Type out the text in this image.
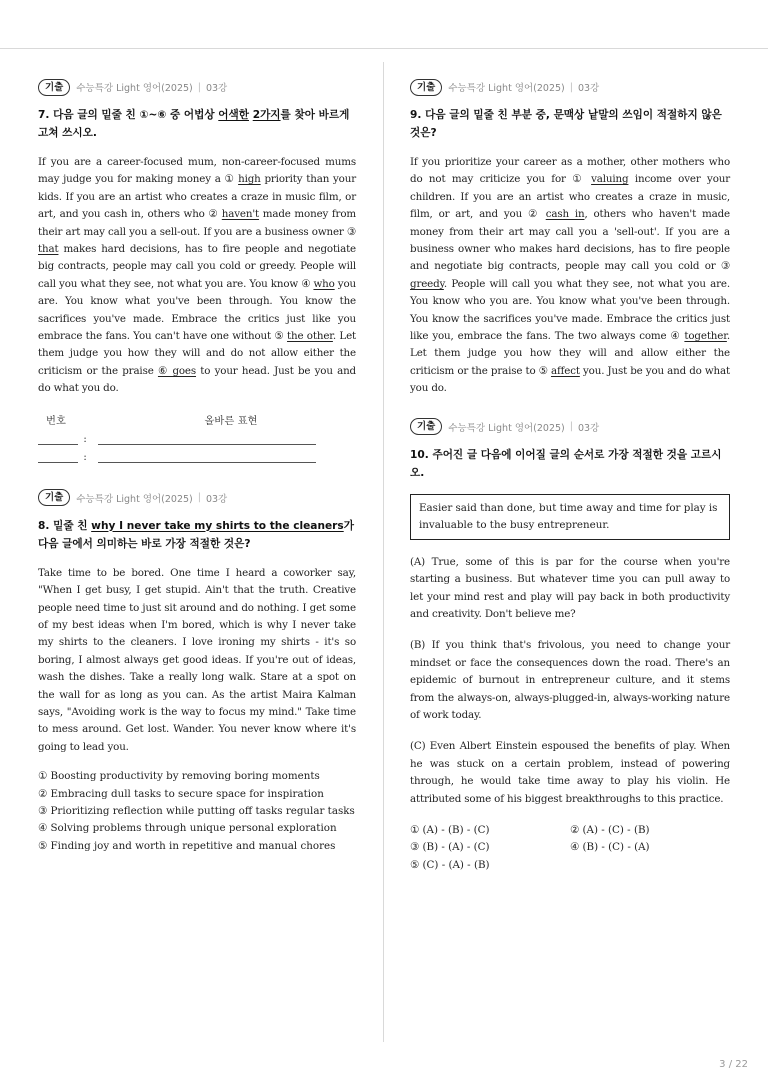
기출	수능특강 Light 영어(2025) | 03강
7. 다음 글의 밑줄 친 ①~⑥ 중 어법상 어색한 2가지를 찾아 바르게 고쳐 쓰시오.

If you are a career-focused mum, non-career-focused mums may judge you for making money a ① high priority than your kids. If you are an artist who creates a craze in music film, or art, and you cash in, others who ② haven't made money from their art may call you a sell-out. If you are a business owner ③ that makes hard decisions, has to fire people and negotiate big contracts, people may call you cold or greedy. People will call you what they see, not what you are. You know ④ who you are. You know what you've been through. You know the sacrifices you've made. Embrace the critics just like you embrace the fans. You can't have one without ⑤ the other. Let them judge you how they will and do not allow either the criticism or the praise ⑥ goes to your head. Just be you and do what you do.

번호	올바른 표현
:
:
기출	수능특강 Light 영어(2025) | 03강
8. 밑줄 친 why I never take my shirts to the cleaners가 다음 글에서 의미하는 바로 가장 적절한 것은?

Take time to be bored. One time I heard a coworker say, "When I get busy, I get stupid. Ain't that the truth. Creative people need time to just sit around and do nothing. I get some of my best ideas when I'm bored, which is why I never take my shirts to the cleaners. I love ironing my shirts - it's so boring, I almost always get good ideas. If you're out of ideas, wash the dishes. Take a really long walk. Stare at a spot on the wall for as long as you can. As the artist Maira Kalman says, "Avoiding work is the way to focus my mind." Take time to mess around. Get lost. Wander. You never know where it's going to lead you.

① Boosting productivity by removing boring moments

② Embracing dull tasks to secure space for inspiration

③ Prioritizing reflection while putting off tasks regular tasks

④ Solving problems through unique personal exploration

⑤ Finding joy and worth in repetitive and manual chores

기출	수능특강 Light 영어(2025) | 03강
9. 다음 글의 밑줄 친 부분 중, 문맥상 낱말의 쓰임이 적절하지 않은 것은?

If you prioritize your career as a mother, other mothers who do not may criticize you for ① valuing income over your children. If you are an artist who creates a craze in music, film, or art, and you ② cash in, others who haven't made money from their art may call you a 'sell-out'. If you are a business owner who makes hard decisions, has to fire people and negotiate big contracts, people may call you cold or ③ greedy. People will call you what they see, not what you are. You know who you are. You know what you've been through. You know the sacrifices you've made. Embrace the critics just like you, embrace the fans. The two always come ④ together. Let them judge you how they will and allow either the criticism or the praise to ⑤ affect you. Just be you and do what you do.

기출	수능특강 Light 영어(2025) | 03강
10. 주어진 글 다음에 이어질 글의 순서로 가장 적절한 것을 고르시오.
Easier said than done, but time away and time for play is invaluable to the busy entrepreneur.

(A) True, some of this is par for the course when you're starting a business. But whatever time you can pull away to let your mind rest and play will pay back in both productivity and creativity. Don't believe me?

(B) If you think that's frivolous, you need to change your mindset or face the consequences down the road. There's an epidemic of burnout in entrepreneur culture, and it stems from the always-on, always-plugged-in, always-working nature of work today.

(C) Even Albert Einstein espoused the benefits of play. When he was stuck on a certain problem, instead of powering through, he would take time away to play his violin. He attributed some of his biggest breakthroughs to this practice.

① (A) - (B) - (C)	② (A) - (C) - (B)
③ (B) - (A) - (C)	④ (B) - (C) - (A)
⑤ (C) - (A) - (B)
3 / 22
